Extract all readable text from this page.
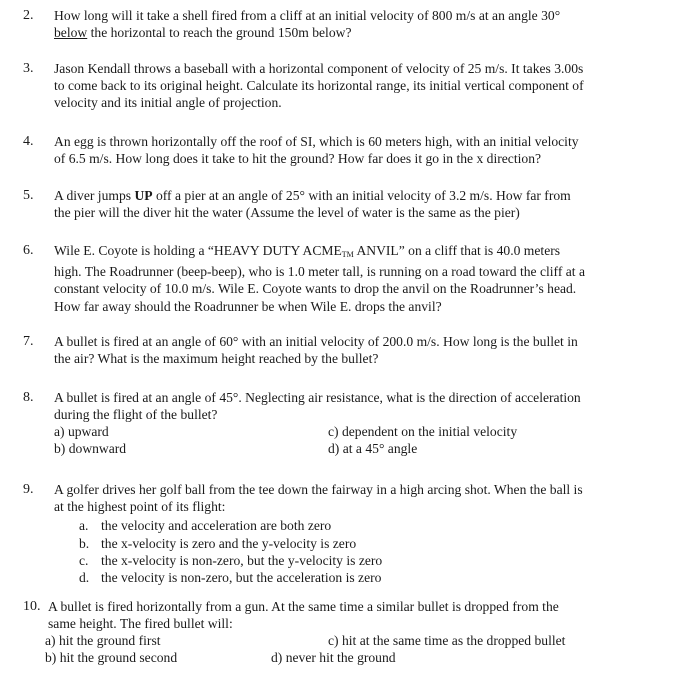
2.	How long will it take a shell fired from a cliff at an initial velocity of 800 m/s at an angle 30°
below the horizontal to reach the ground 150m below?
3.	Jason Kendall throws a baseball with a horizontal component of velocity of 25 m/s. It takes 3.00s
to come back to its original height. Calculate its horizontal range, its initial vertical component of
velocity and its initial angle of projection.
4.	An egg is thrown horizontally off the roof of SI, which is 60 meters high, with an initial velocity
of 6.5 m/s. How long does it take to hit the ground? How far does it go in the x direction?
5.	A diver jumps UP off a pier at an angle of 25° with an initial velocity of 3.2 m/s. How far from
the pier will the diver hit the water (Assume the level of water is the same as the pier)
6.	Wile E. Coyote is holding a “HEAVY DUTY $ACME_{TM}$ ANVIL” on a cliff that is 40.0 meters
high. The Roadrunner (beep-beep), who is 1.0 meter tall, is running on a road toward the cliff at a
constant velocity of 10.0 m/s. Wile E. Coyote wants to drop the anvil on the Roadrunner’s head.
How far away should the Roadrunner be when Wile E. drops the anvil?
7.	A bullet is fired at an angle of 60° with an initial velocity of 200.0 m/s. How long is the bullet in
the air? What is the maximum height reached by the bullet?
8.	A bullet is fired at an angle of 45°. Neglecting air resistance, what is the direction of acceleration
during the flight of the bullet?
a) upward
b) downward
c) dependent on the initial velocity
d) at a 45° angle
9.	A golfer drives her golf ball from the tee down the fairway in a high arcing shot. When the ball is
at the highest point of its flight:
a. the velocity and acceleration are both zero
b. the x-velocity is zero and the y-velocity is zero
c. the x-velocity is non-zero, but the y-velocity is zero
d. the velocity is non-zero, but the acceleration is zero
10. A bullet is fired horizontally from a gun. At the same time a similar bullet is dropped from the
same height. The fired bullet will:
a) hit the ground first
b) hit the ground second
c) hit at the same time as the dropped bullet
d) never hit the ground
